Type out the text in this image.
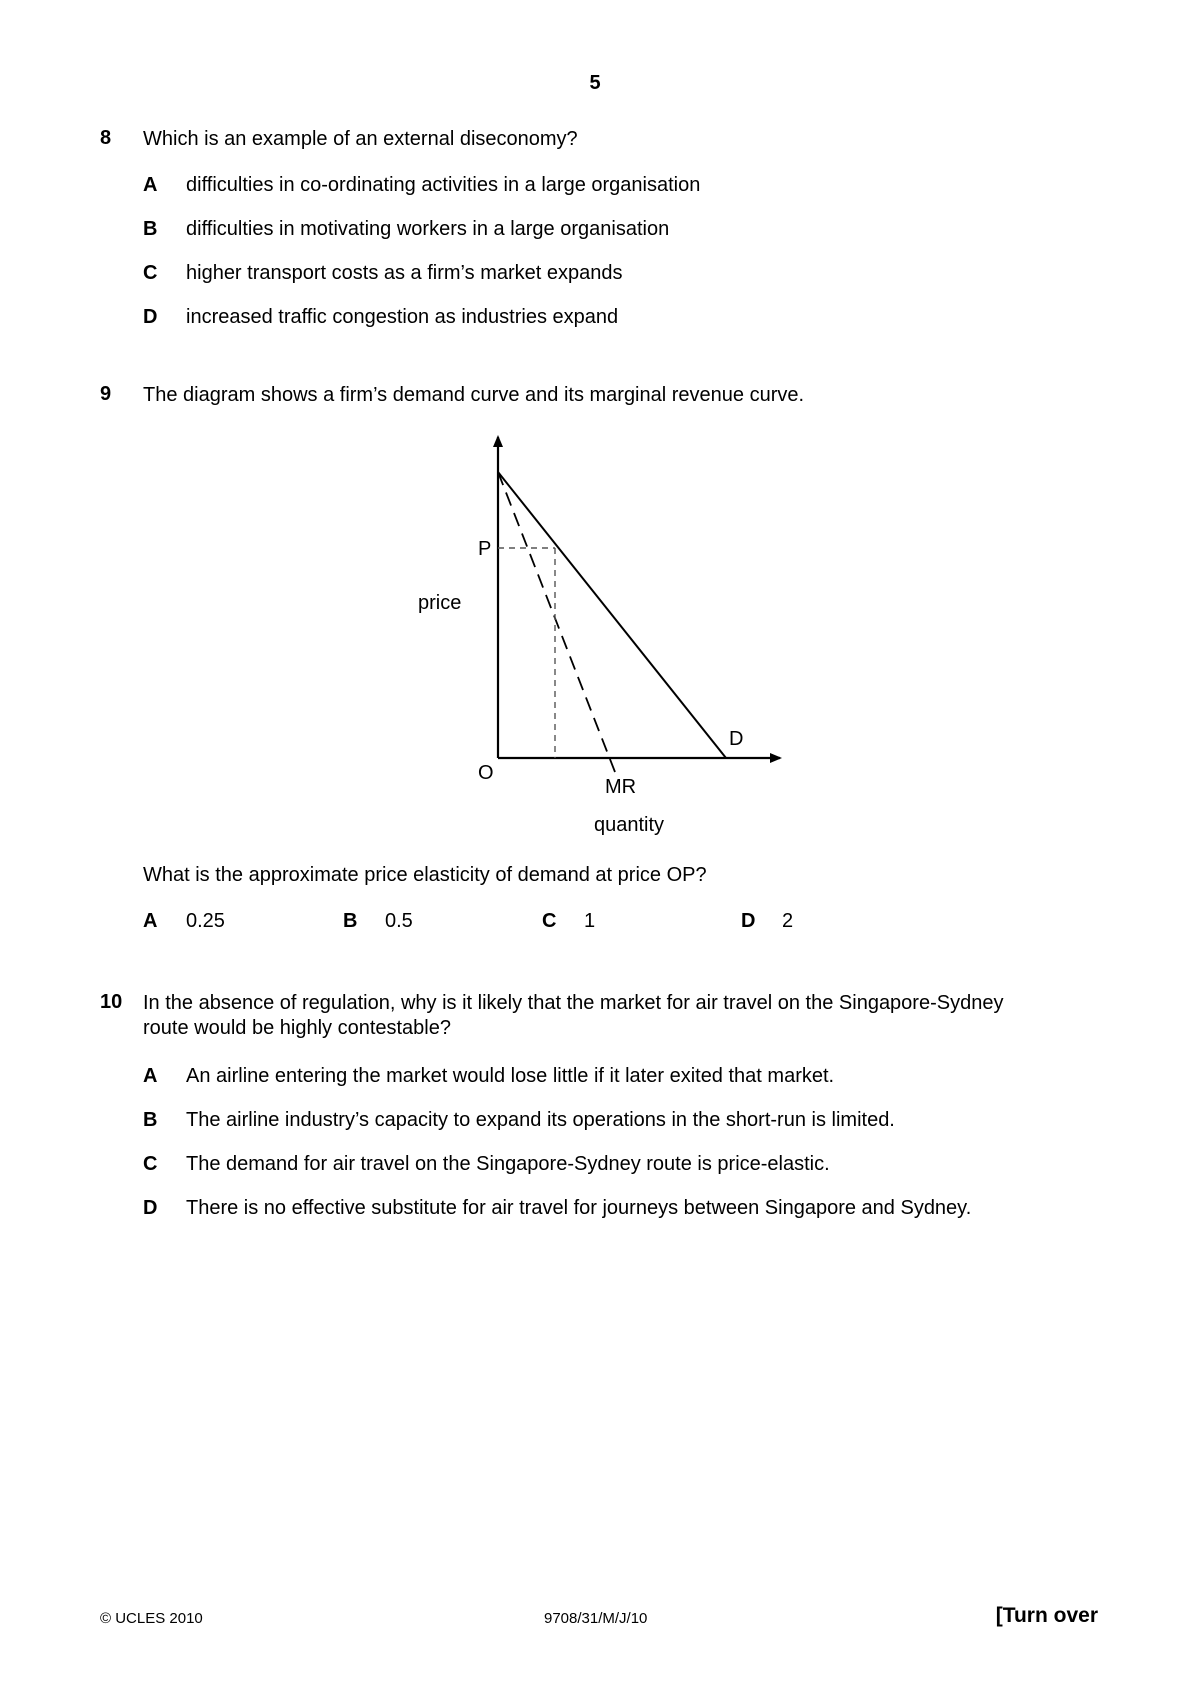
5
8 Which is an example of an external diseconomy?
A difficulties in co-ordinating activities in a large organisation
B difficulties in motivating workers in a large organisation
C higher transport costs as a firm’s market expands
D increased traffic congestion as industries expand
9 The diagram shows a firm’s demand curve and its marginal revenue curve.
price
P
O
D
MR
quantity
What is the approximate price elasticity of demand at price OP?
A 0.25	B 0.5	C 1	D 2
10 In the absence of regulation, why is it likely that the market for air travel on the Singapore-Sydney
route would be highly contestable?
A An airline entering the market would lose little if it later exited that market.
B The airline industry’s capacity to expand its operations in the short-run is limited.
C The demand for air travel on the Singapore-Sydney route is price-elastic.
D There is no effective substitute for air travel for journeys between Singapore and Sydney.
© UCLES 2010	9708/31/M/J/10	[Turn over
